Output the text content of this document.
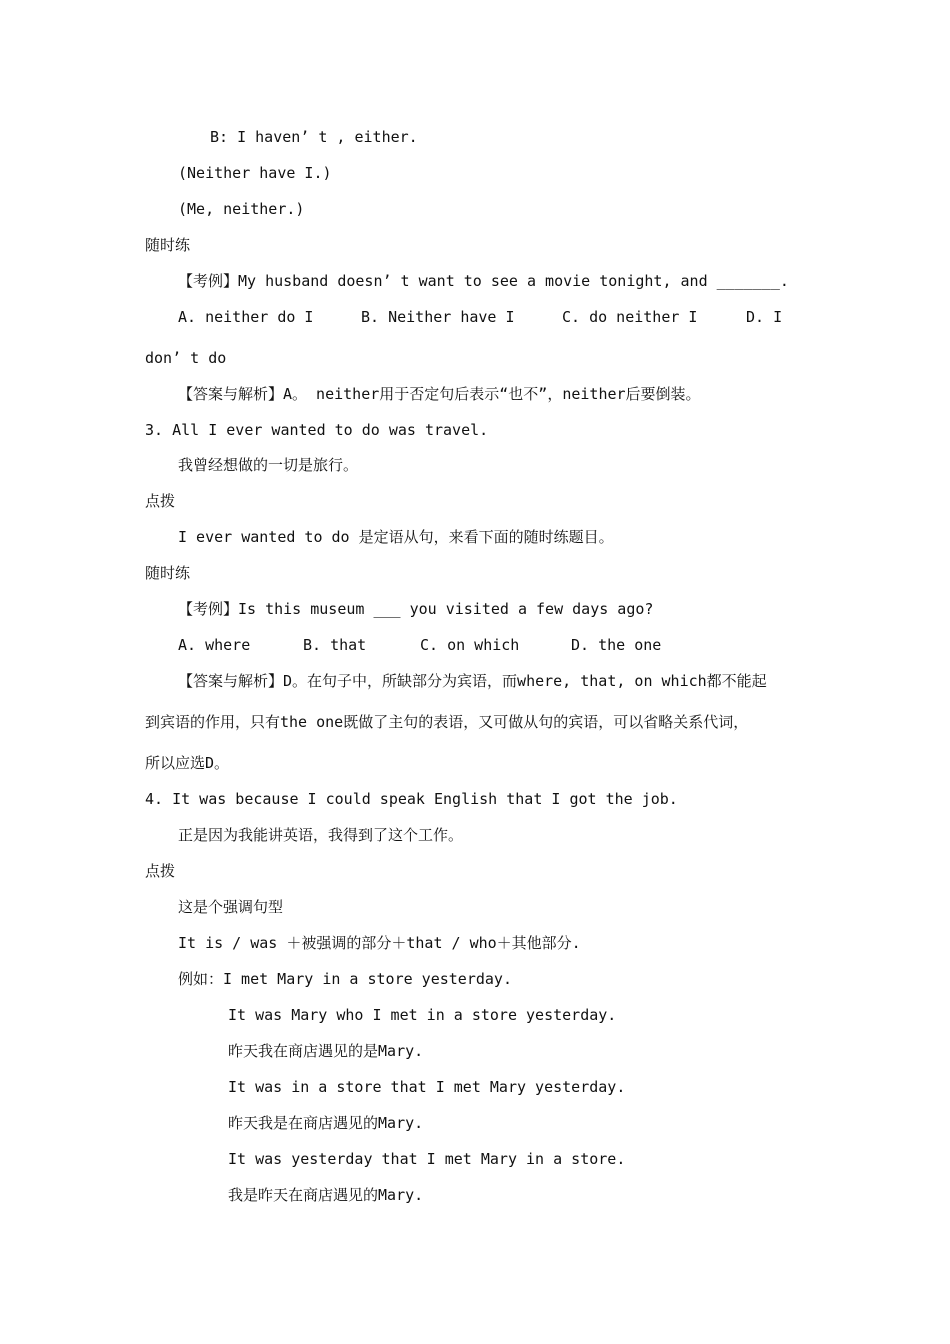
B: I haven’ t , either.
(Neither have I.)
(Me, neither.)
随时练
【考例】My husband doesn’ t want to see a movie tonight, and _______.
A. neither do I	B. Neither have I	C. do neither I	D. I
don’ t do
【答案与解析】A。 neither用于否定句后表示“也不”，neither后要倒装。
3. All I ever wanted to do was travel.
我曾经想做的一切是旅行。
点拨
I ever wanted to do 是定语从句，来看下面的随时练题目。
随时练
【考例】Is this museum ___ you visited a few days ago?
A. where	B. that	C. on which	D. the one
【答案与解析】D。在句子中，所缺部分为宾语，而where, that, on which都不能起
到宾语的作用，只有the one既做了主句的表语，又可做从句的宾语，可以省略关系代词，
所以应选D。
4. It was because I could speak English that I got the job.
正是因为我能讲英语，我得到了这个工作。
点拨
这是个强调句型
It is / was ＋被强调的部分＋that / who＋其他部分.
例如：I met Mary in a store yesterday.
It was Mary who I met in a store yesterday.
昨天我在商店遇见的是Mary.
It was in a store that I met Mary yesterday.
昨天我是在商店遇见的Mary.
It was yesterday that I met Mary in a store.
我是昨天在商店遇见的Mary.
